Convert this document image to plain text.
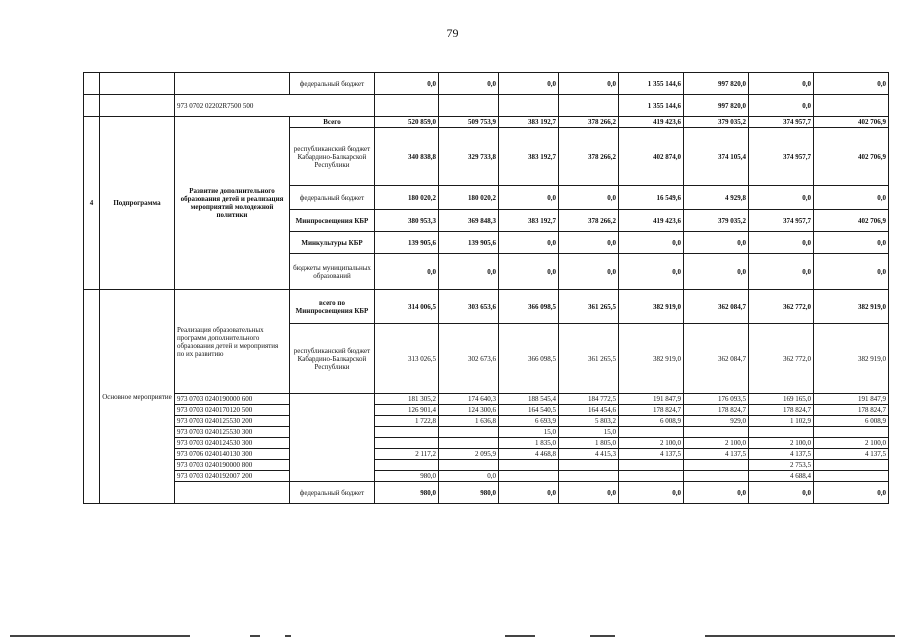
79
			федеральный бюджет	0,0	0,0	0,0	0,0	1 355 144,6	997 820,0	0,0	0,0
		973 0702 02202R7500 500						1 355 144,6	997 820,0	0,0	
4	Подпрограмма	Развитие дополнительного образования детей и реализация мероприятий молодежной политики	Всего	520 859,0	509 753,9	383 192,7	378 266,2	419 423,6	379 035,2	374 957,7	402 706,9
			республиканский бюджет Кабардино-Балкарской Республики	340 838,8	329 733,8	383 192,7	378 266,2	402 874,0	374 105,4	374 957,7	402 706,9
			федеральный бюджет	180 020,2	180 020,2	0,0	0,0	16 549,6	4 929,8	0,0	0,0
			Минпросвещения КБР	380 953,3	369 848,3	383 192,7	378 266,2	419 423,6	379 035,2	374 957,7	402 706,9
			Минкультуры КБР	139 905,6	139 905,6	0,0	0,0	0,0	0,0	0,0	0,0
			бюджеты муниципальных образований	0,0	0,0	0,0	0,0	0,0	0,0	0,0	0,0
	Основное мероприятие	Реализация образовательных программ дополнительного образования детей и мероприятия по их развитию	всего по Минпросвещения КБР	314 006,5	303 653,6	366 098,5	361 265,5	382 919,0	362 084,7	362 772,0	382 919,0
			республиканский бюджет Кабардино-Балкарской Республики	313 026,5	302 673,6	366 098,5	361 265,5	382 919,0	362 084,7	362 772,0	382 919,0
		973 0703 0240190000 600		181 305,2	174 640,3	188 545,4	184 772,5	191 847,9	176 093,5	169 165,0	191 847,9
		973 0703 0240170120 500		126 901,4	124 300,6	164 540,5	164 454,6	178 824,7	178 824,7	178 824,7	178 824,7
		973 0703 0240125530 200		1 722,8	1 636,8	6 693,9	5 803,2	6 008,9	929,0	1 102,9	6 008,9
		973 0703 0240125530 300				15,0	15,0				
		973 0703 0240124530 300				1 835,0	1 805,0	2 100,0	2 100,0	2 100,0	2 100,0
		973 0706 0240140130 300		2 117,2	2 095,9	4 468,8	4 415,3	4 137,5	4 137,5	4 137,5	4 137,5
		973 0703 0240190000 800								2 753,5	
		973 0703 0240192007 200		980,0	0,0					4 688,4	
			федеральный бюджет	980,0	980,0	0,0	0,0	0,0	0,0	0,0	0,0
